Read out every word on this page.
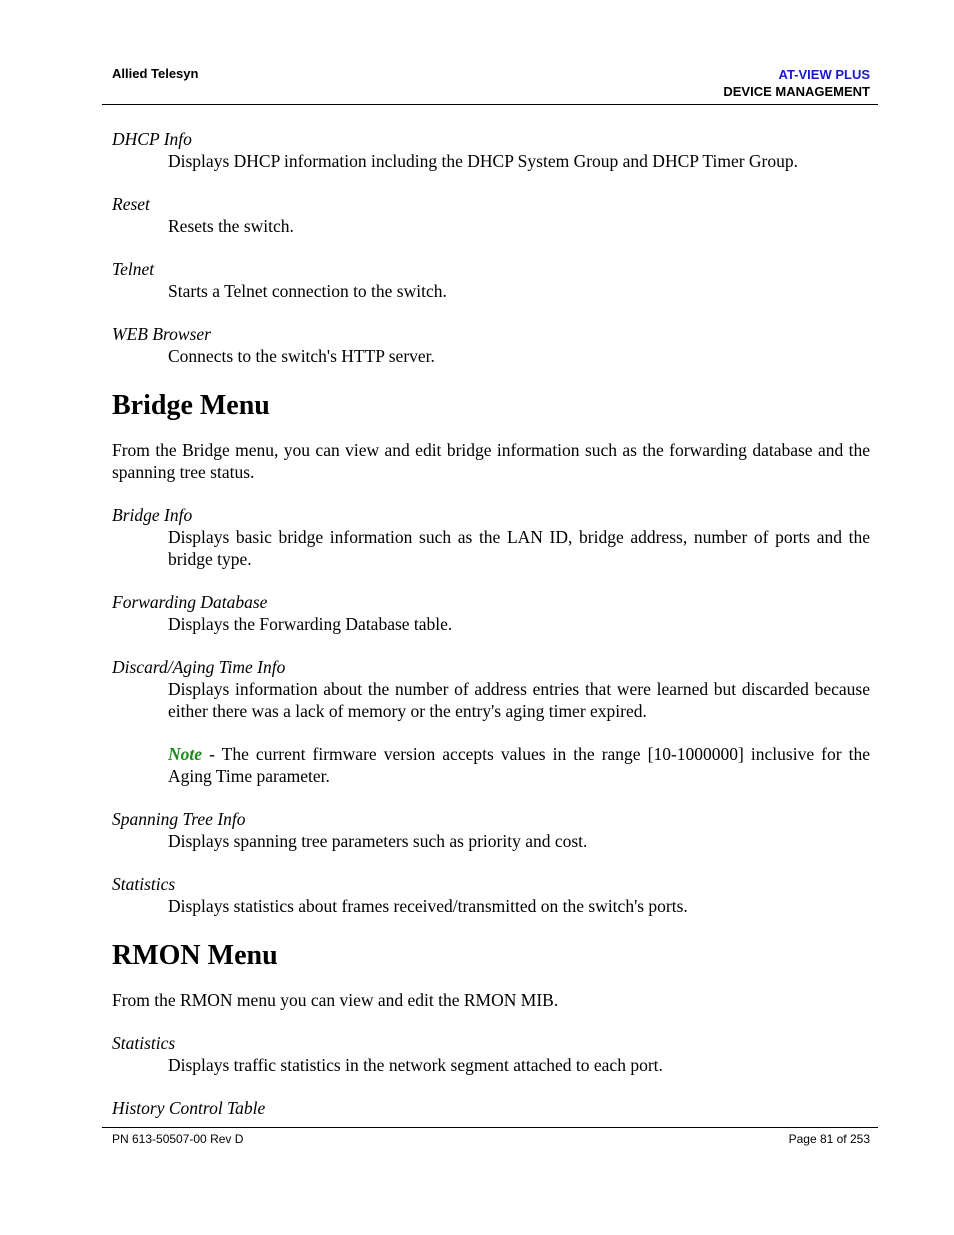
Allied Telesyn	AT-VIEW PLUS
DEVICE MANAGEMENT

DHCP Info

Displays DHCP information including the DHCP System Group and DHCP Timer Group.

Reset

Resets the switch.

Telnet

Starts a Telnet connection to the switch.

WEB Browser

Connects to the switch's HTTP server.

Bridge Menu

From the Bridge menu, you can view and edit bridge information such as the forwarding database and the spanning tree status.

Bridge Info

Displays basic bridge information such as the LAN ID, bridge address, number of ports and the bridge type.

Forwarding Database

Displays the Forwarding Database table.

Discard/Aging Time Info

Displays information about the number of address entries that were learned but discarded because either there was a lack of memory or the entry's aging timer expired.

Note - The current firmware version accepts values in the range [10-1000000] inclusive for the Aging Time parameter.

Spanning Tree Info

Displays spanning tree parameters such as priority and cost.

Statistics

Displays statistics about frames received/transmitted on the switch's ports.

RMON Menu

From the RMON menu you can view and edit the RMON MIB.

Statistics

Displays traffic statistics in the network segment attached to each port.

History Control Table

PN 613-50507-00 Rev D	Page 81 of 253
